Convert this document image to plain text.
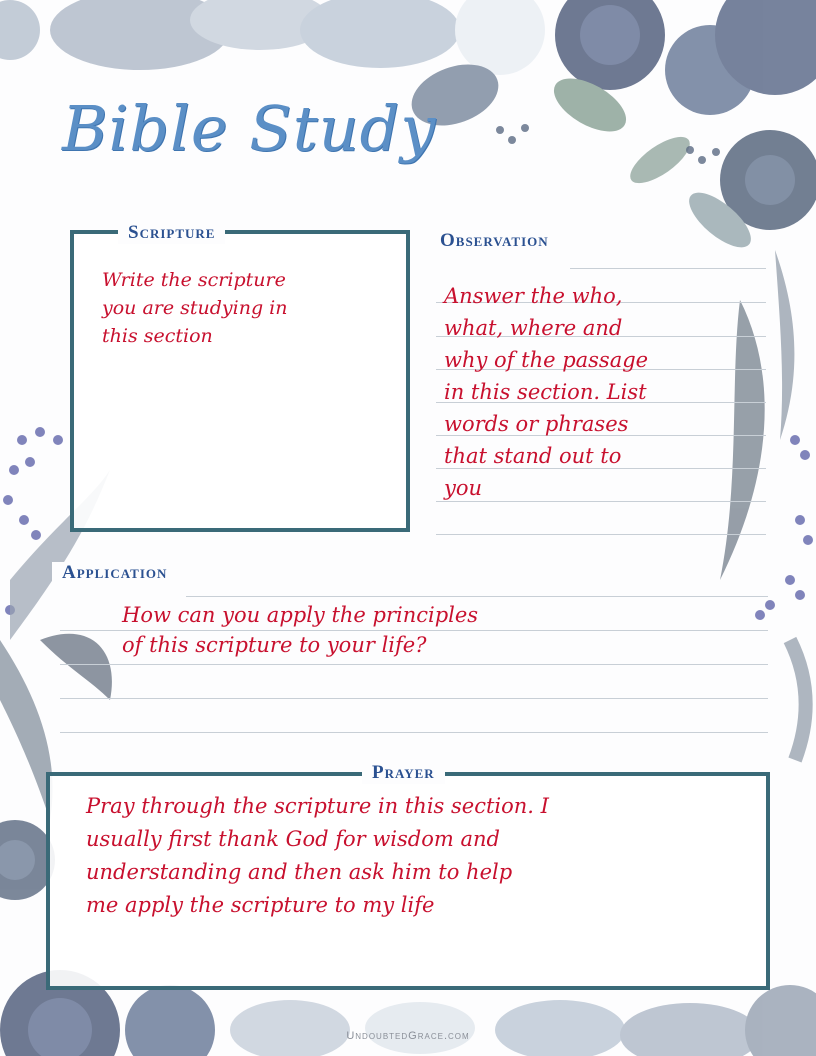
Bible Study
Scripture
Write the scripture
you are studying in
this section
Observation
Answer the who,
what, where and
why of the passage
in this section. List
words or phrases
that stand out to
you
Application
How can you apply the principles
of this scripture to your life?
Prayer
Pray through the scripture in this section. I
usually first thank God for wisdom and
understanding and then ask him to help
me apply the scripture to my life
UndoubtedGrace.com
